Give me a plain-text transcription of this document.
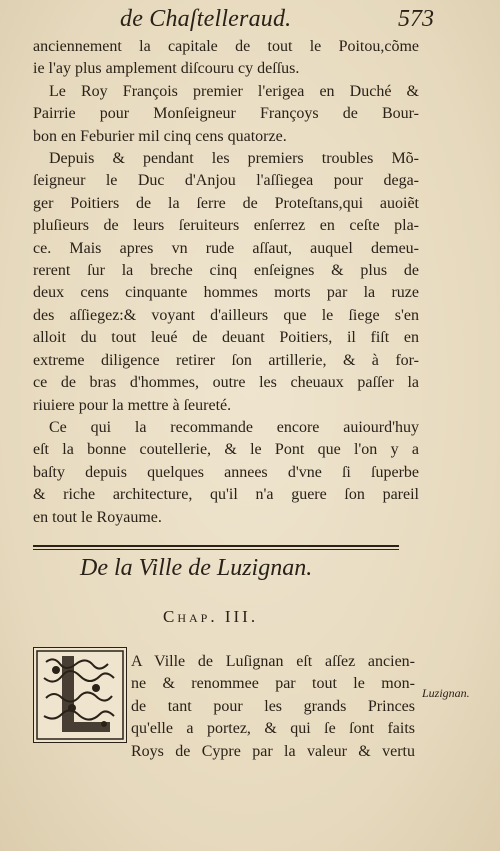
de Chaſtelleraud.	573
anciennement la capitale de tout le Poitou,cõme
ie l'ay plus amplement diſcouru cy deſſus.
Le Roy François premier l'erigea en Duché &
Pairrie pour Monſeigneur Françoys de Bour-
bon en Feburier mil cinq cens quatorze.
Depuis & pendant les premiers troubles Mõ-
ſeigneur le Duc d'Anjou l'aſſiegea pour dega-
ger Poitiers de la ſerre de Proteſtans,qui auoiẽt
pluſieurs de leurs ſeruiteurs enſerrez en ceſte pla-
ce. Mais apres vn rude aſſaut, auquel demeu-
rerent ſur la breche cinq enſeignes & plus de
deux cens cinquante hommes morts par la ruze
des aſſiegez:& voyant d'ailleurs que le ſiege s'en
alloit du tout leué de deuant Poitiers, il fiſt en
extreme diligence retirer ſon artillerie, & à for-
ce de bras d'hommes, outre les cheuaux paſſer la
riuiere pour la mettre à ſeureté.
Ce qui la recommande encore auiourd'huy
eſt la bonne coutellerie, & le Pont que l'on y a
baſty depuis quelques annees d'vne ſi ſuperbe
& riche architecture, qu'il n'a guere ſon pareil
en tout le Royaume.
De la Ville de Luzignan.
Chap. III.
A Ville de Luſignan eſt aſſez ancien-
ne & renommee par tout le mon-
de tant pour les grands Princes
qu'elle a portez, & qui ſe ſont faits
Roys de Cypre par la valeur & vertu
Luzignan.
